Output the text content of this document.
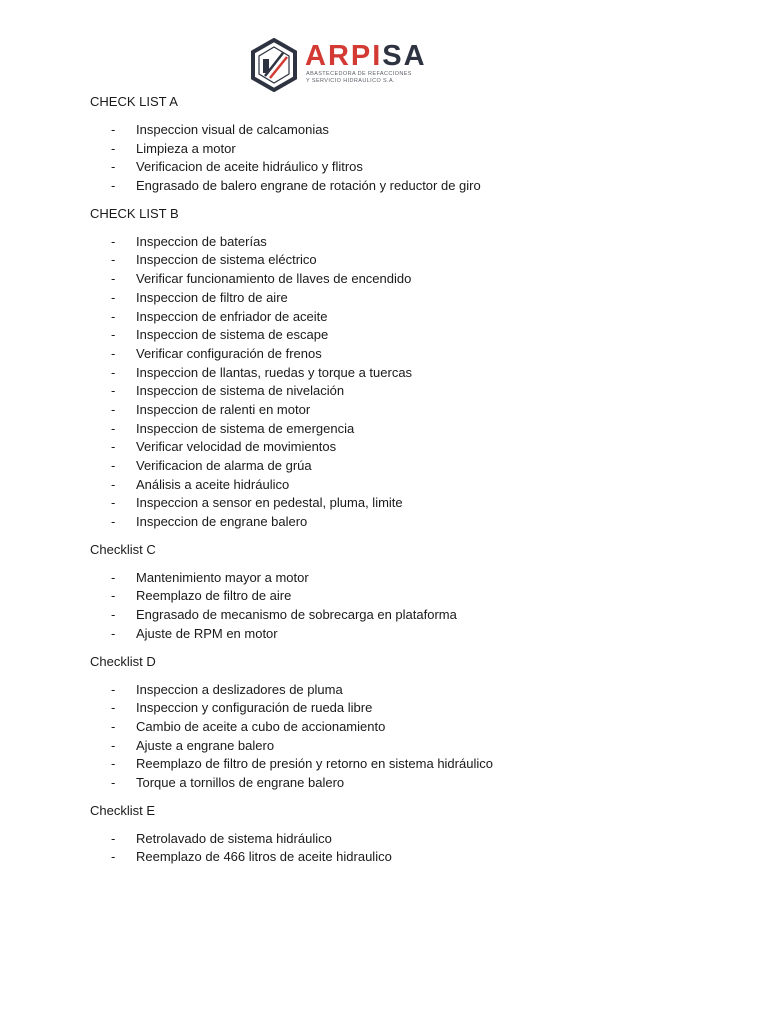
ARPISA
ABASTECEDORA DE REFACCIONES
Y SERVICIO HIDRAULICO S.A.
CHECK LIST A
- Inspeccion visual de calcamonias
- Limpieza a motor
- Verificacion de aceite hidráulico y flitros
- Engrasado de balero engrane de rotación y reductor de giro
CHECK LIST B
- Inspeccion de baterías
- Inspeccion de sistema eléctrico
- Verificar funcionamiento de llaves de encendido
- Inspeccion de filtro de aire
- Inspeccion de enfriador de aceite
- Inspeccion de sistema de escape
- Verificar configuración de frenos
- Inspeccion de llantas, ruedas y torque a tuercas
- Inspeccion de sistema de nivelación
- Inspeccion de ralenti en motor
- Inspeccion de sistema de emergencia
- Verificar velocidad de movimientos
- Verificacion de alarma de grúa
- Análisis a aceite hidráulico
- Inspeccion a sensor en pedestal, pluma, limite
- Inspeccion de engrane balero
Checklist C
- Mantenimiento mayor a motor
- Reemplazo de filtro de aire
- Engrasado de mecanismo de sobrecarga en plataforma
- Ajuste de RPM en motor
Checklist D
- Inspeccion a deslizadores de pluma
- Inspeccion y configuración de rueda libre
- Cambio de aceite a cubo de accionamiento
- Ajuste a engrane balero
- Reemplazo de filtro de presión y retorno en sistema hidráulico
- Torque a tornillos de engrane balero
Checklist E
- Retrolavado de sistema hidráulico
- Reemplazo de 466 litros de aceite hidraulico
